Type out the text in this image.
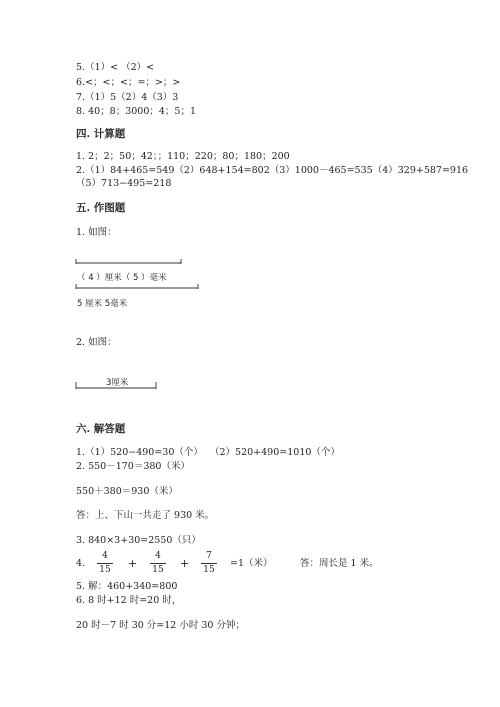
5.（1）< （2）<
6.<；<；<；=；>；>
7.（1）5（2）4（3）3
8. 40；8；3000；4；5；1
四. 计算题
1. 2；2；50；42；；110；220；80；180；200
2.（1）84+465=549（2）648+154=802（3）1000－465=535（4）329+587=916
（5）713−495=218
五. 作图题
1. 如图：
（ 4 ）厘米（ 5 ）毫米
5 厘米 5毫米
2. 如图：
3厘米
六. 解答题
1.（1）520−490=30（个） （2）520+490=1010（个）
2. 550－170＝380（米）
550＋380＝930（米）
答：上、下山一共走了 930 米。
3. 840×3+30=2550（只）
4.
4
15 +
4
15 +
7
15
=1（米）	答：周长是 1 米。
5. 解：460+340=800
6. 8 时+12 时=20 时，
20 时－7 时 30 分=12 小时 30 分钟；
